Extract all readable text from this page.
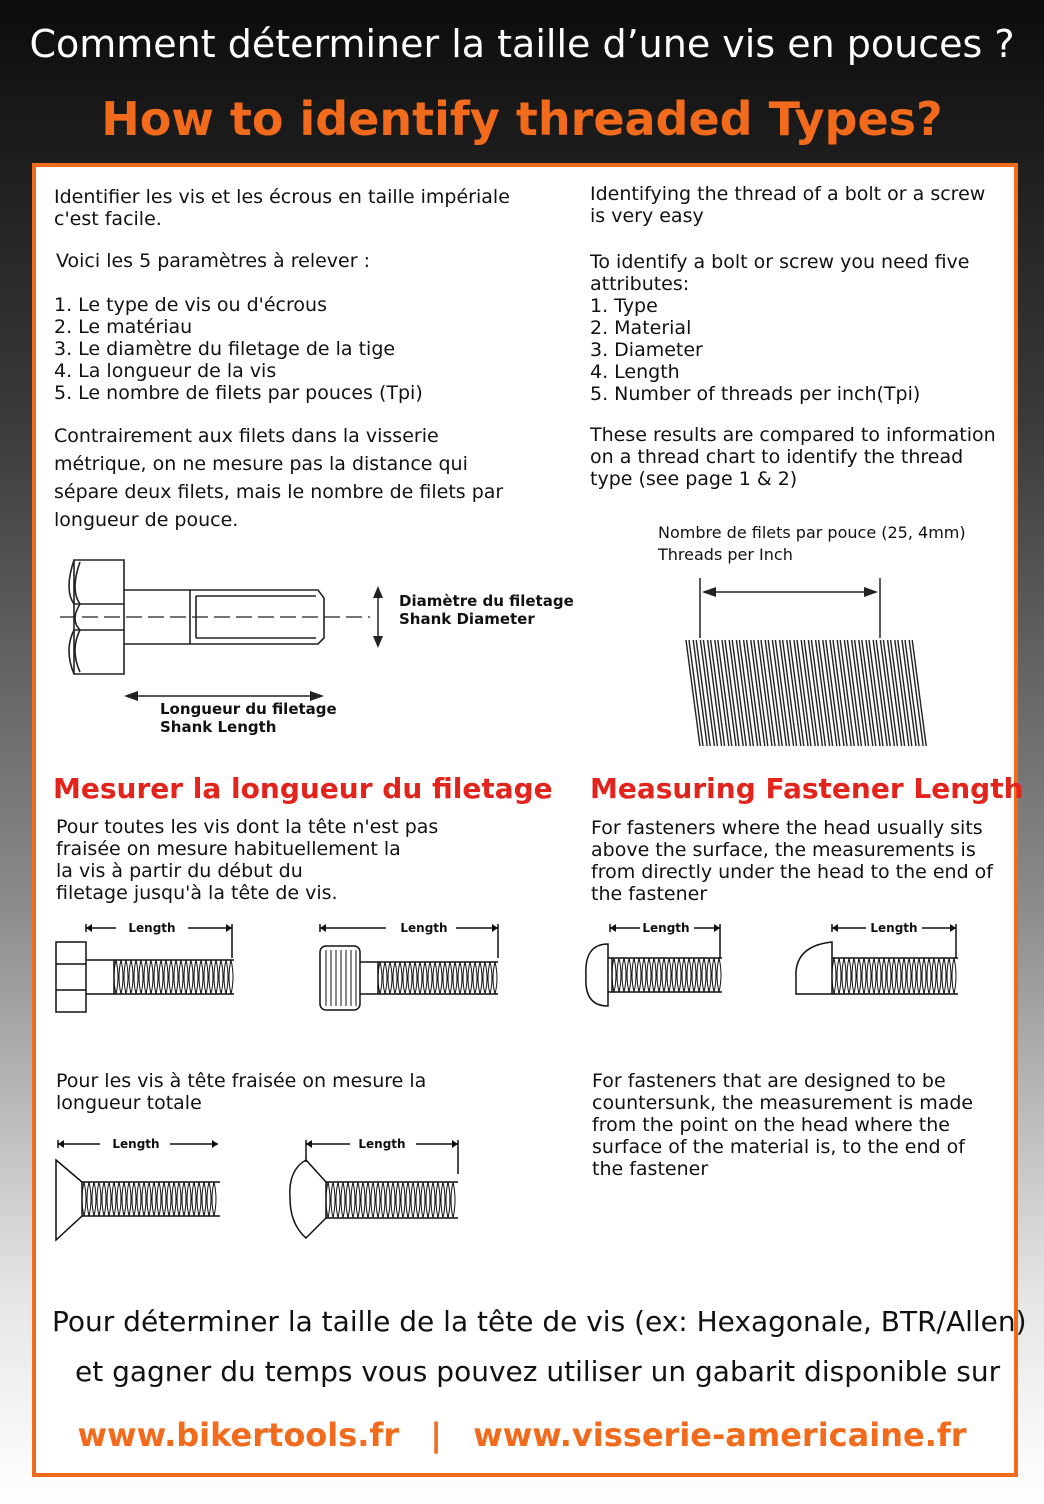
Comment déterminer la taille d’une vis en pouces ?
How to identify threaded Types?

Identifier les vis et les écrous en taille impériale
c'est facile.

Voici les 5 paramètres à relever :

1. Le type de vis ou d'écrous
2. Le matériau
3. Le diamètre du filetage de la tige
4. La longueur de la vis
5. Le nombre de filets par pouces (Tpi)

Contrairement aux filets dans la visserie
métrique, on ne mesure pas la distance qui
sépare deux filets, mais le nombre de filets par
longueur de pouce.

Identifying the thread of a bolt or a screw
is very easy

To identify a bolt or screw you need five
attributes:
1. Type
2. Material
3. Diameter
4. Length
5. Number of threads per inch(Tpi)

These results are compared to information
on a thread chart to identify the thread
type (see page 1 & 2)

Diamètre du filetage
Shank Diameter
Longueur du filetage
Shank Length
Nombre de filets par pouce (25, 4mm)
Threads per Inch
Mesurer la longueur du filetage Measuring Fastener Length

Pour toutes les vis dont la tête n'est pas
fraisée on mesure habituellement la
la vis à partir du début du
filetage jusqu'à la tête de vis.

For fasteners where the head usually sits
above the surface, the measurements is
from directly under the head to the end of
the fastener

Length	Length	Length	Length

Pour les vis à tête fraisée on mesure la
longueur totale

For fasteners that are designed to be
countersunk, the measurement is made
from the point on the head where the
surface of the material is, to the end of
the fastener

Length	Length
Pour déterminer la taille de la tête de vis (ex: Hexagonale, BTR/Allen)
et gagner du temps vous pouvez utiliser un gabarit disponible sur
www.bikertools.fr | www.visserie-americaine.fr
